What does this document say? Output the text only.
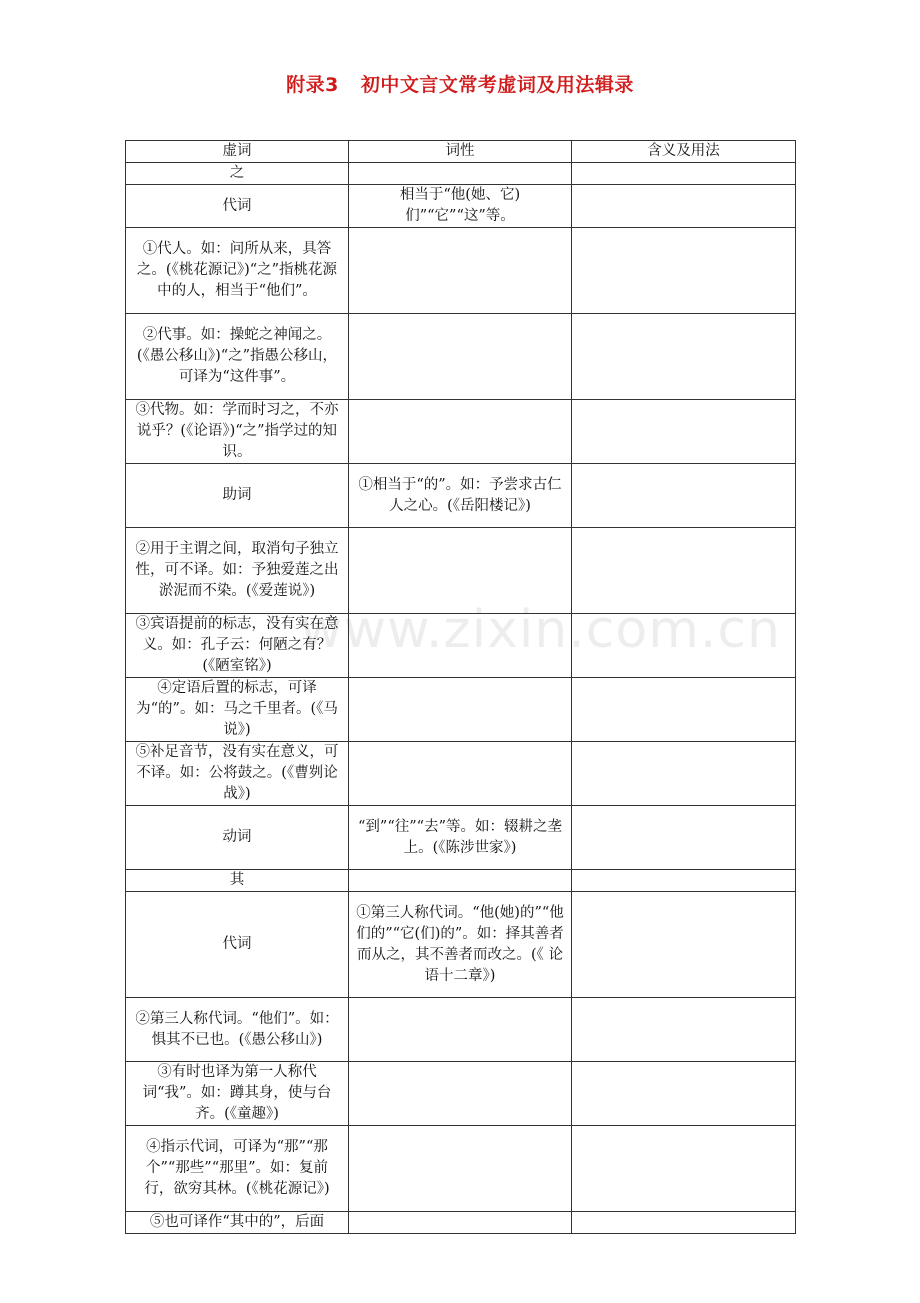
附录3 初中文言文常考虚词及用法辑录
www.zixin.com.cn
虚词	词性	含义及用法
之		
代词	相当于“他(她、它)们”“它”“这”等。	
①代人。如：问所从来，具答之。(《桃花源记》)“之”指桃花源中的人，相当于“他们”。		
②代事。如：操蛇之神闻之。(《愚公移山》)“之”指愚公移山，可译为“这件事”。		
③代物。如：学而时习之，不亦说乎？(《论语》)“之”指学过的知识。		
助词	①相当于“的”。如：予尝求古仁人之心。(《岳阳楼记》)	
②用于主谓之间，取消句子独立性，可不译。如：予独爱莲之出淤泥而不染。(《爱莲说》)		
③宾语提前的标志，没有实在意义。如：孔子云：何陋之有？(《陋室铭》)		
④定语后置的标志，可译为“的”。如：马之千里者。(《马说》)		
⑤补足音节，没有实在意义，可不译。如：公将鼓之。(《曹刿论战》)		
动词	“到”“往”“去”等。如：辍耕之垄上。(《陈涉世家》)	
其		
代词	①第三人称代词。“他(她)的”“他们的”“它(们)的”。如：择其善者而从之，其不善者而改之。(《 论语十二章》)	
②第三人称代词。“他们”。如：惧其不已也。(《愚公移山》)		
③有时也译为第一人称代词“我”。如：蹲其身，使与台齐。(《童趣》)		
④指示代词，可译为“那”“那个”“那些”“那里”。如：复前行，欲穷其林。(《桃花源记》)		
⑤也可译作“其中的”，后面		
